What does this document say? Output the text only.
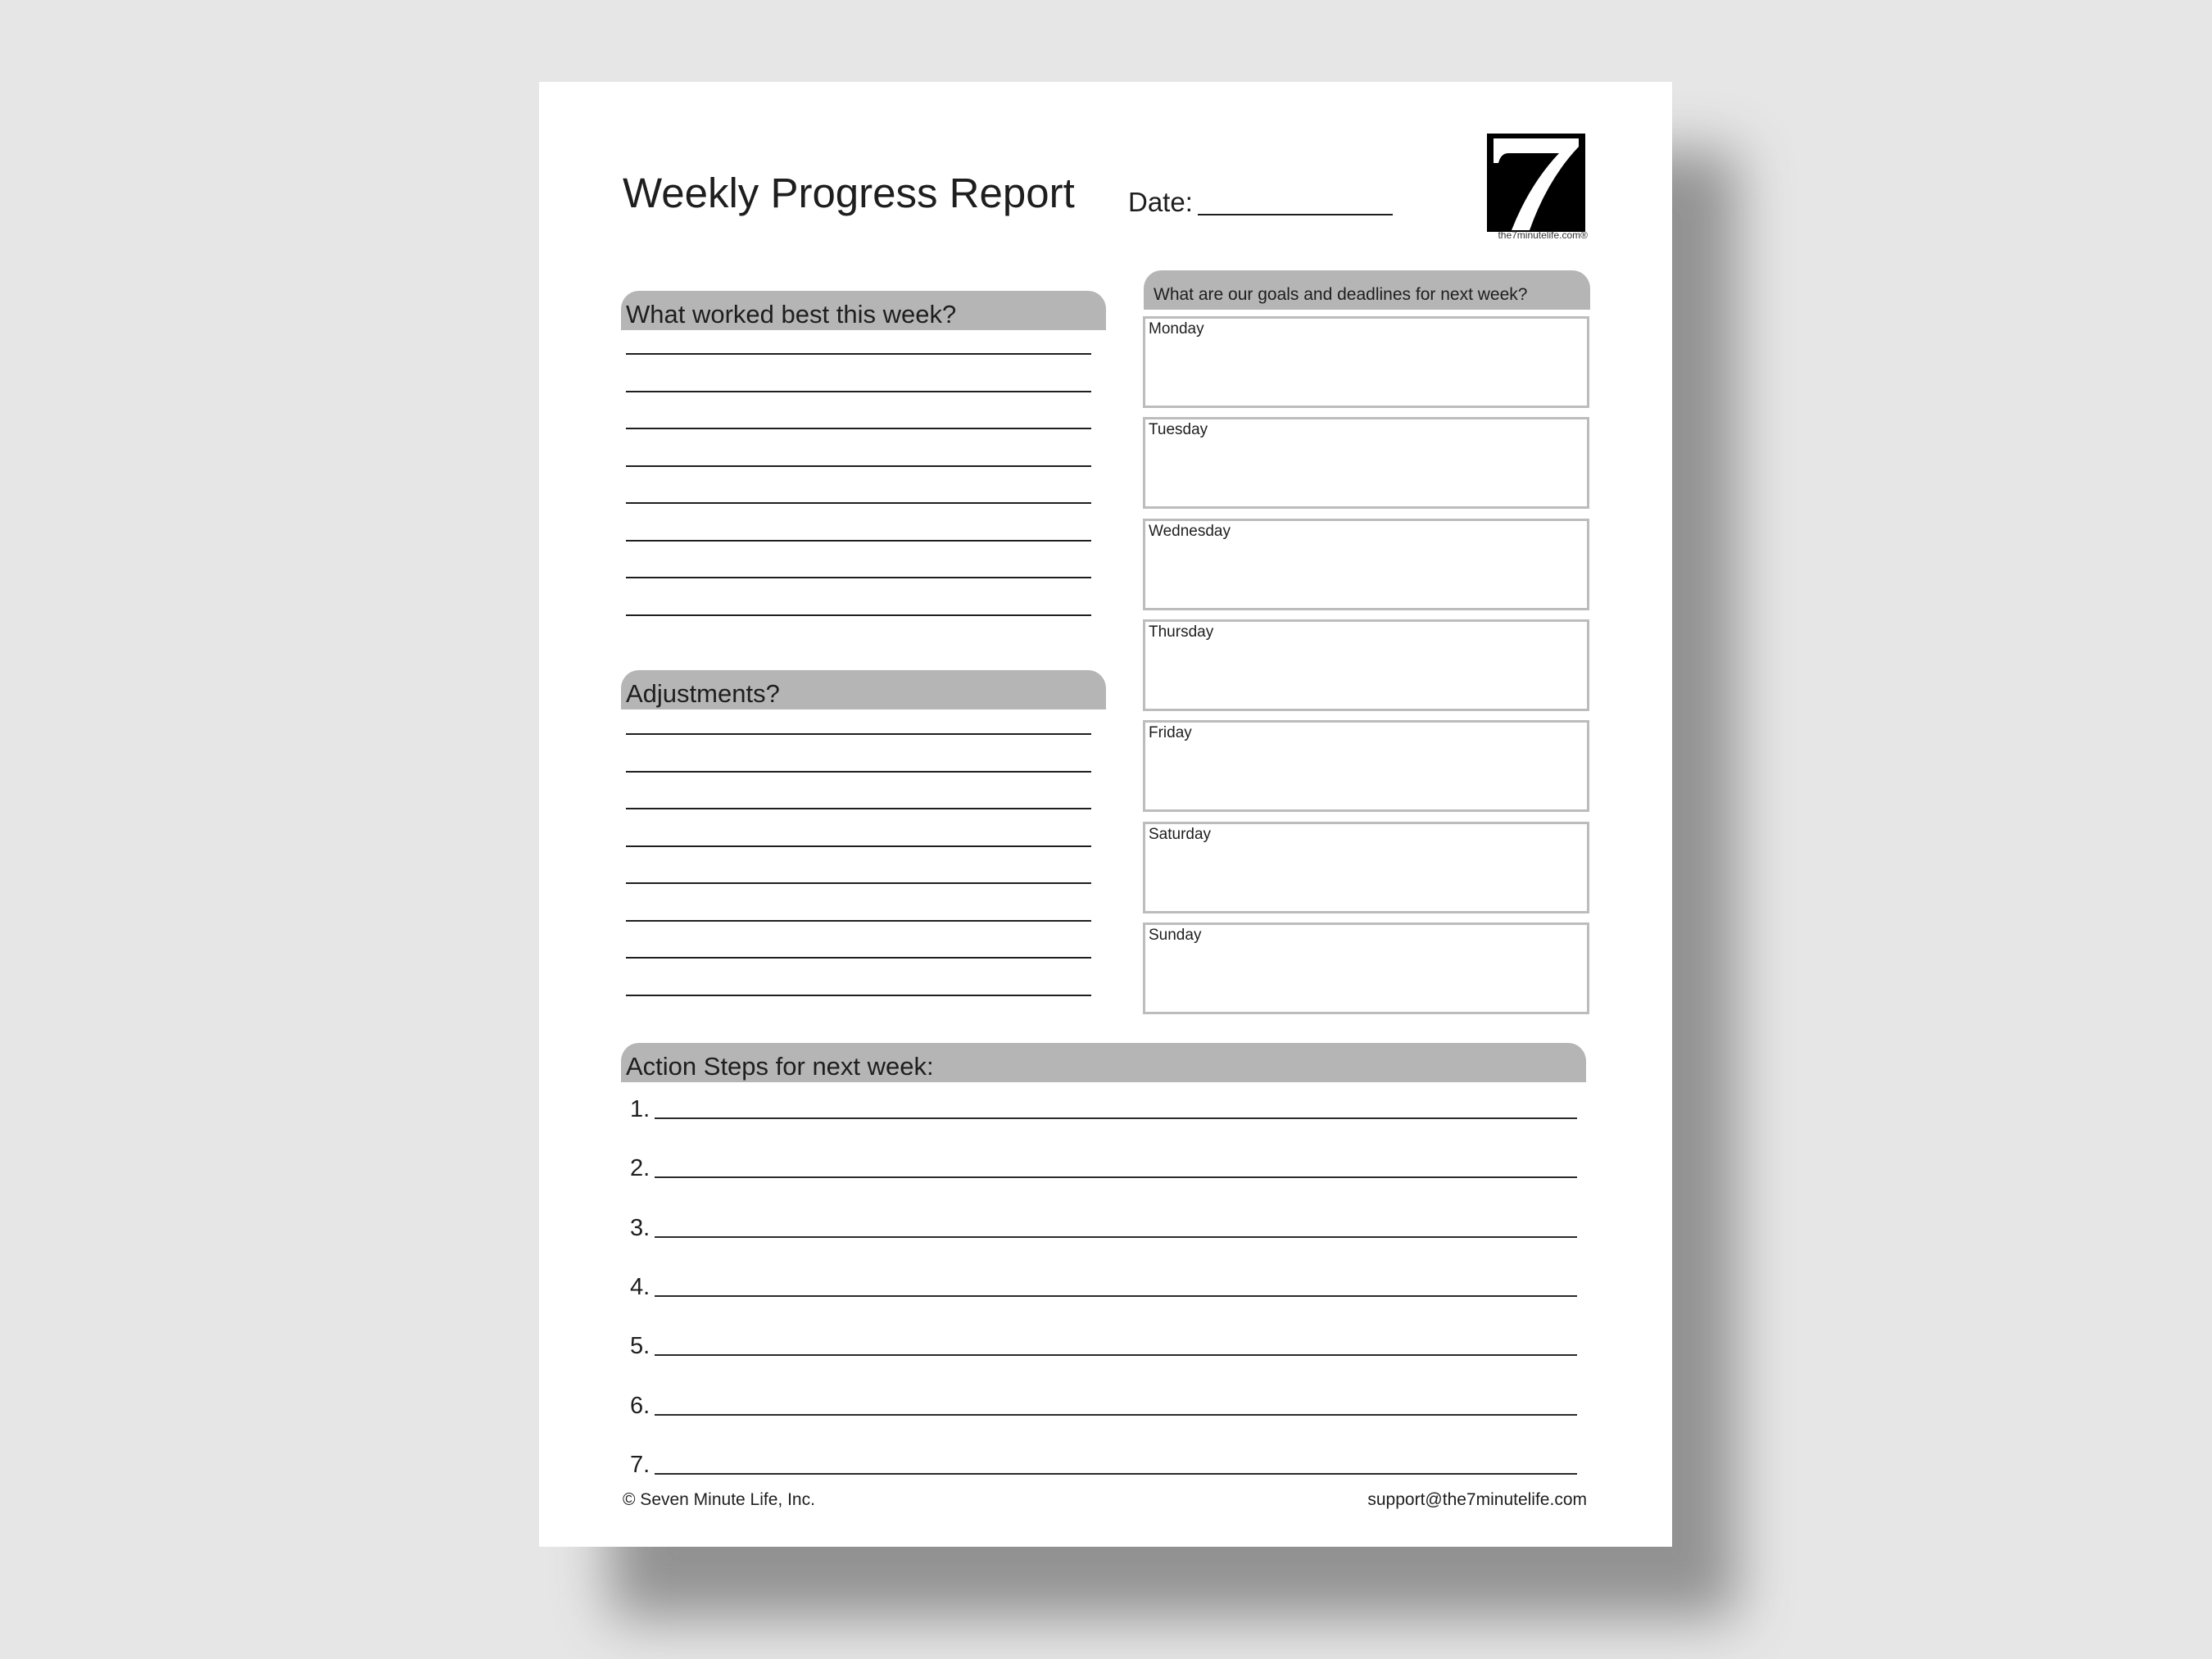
Weekly Progress Report Date:
the7minutelife.com®
What worked best this week?
Adjustments?
What are our goals and deadlines for next week?
Monday
Tuesday
Wednesday
Thursday
Friday
Saturday
Sunday
Action Steps for next week:
1.
2.
3.
4.
5.
6.
7.
© Seven Minute Life, Inc.	support@the7minutelife.com
